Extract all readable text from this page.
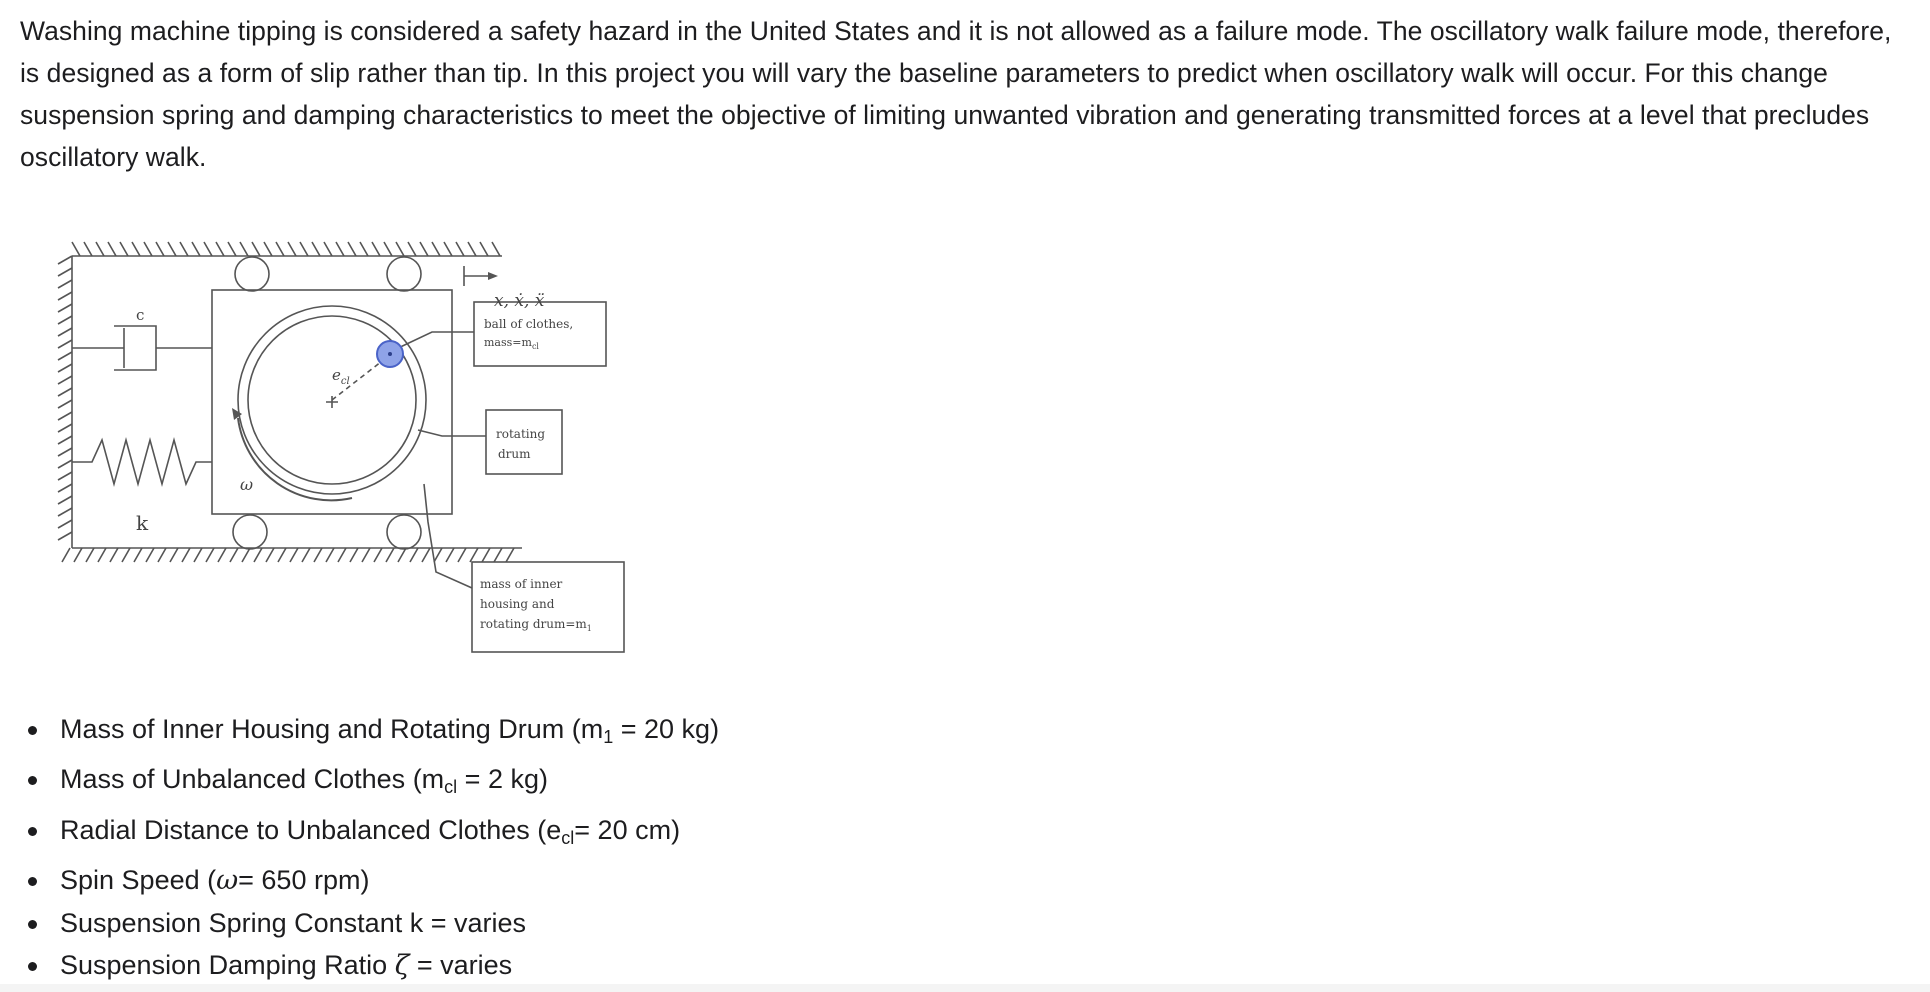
Washing machine tipping is considered a safety hazard in the United States and it is not allowed as a failure mode. The oscillatory walk failure mode, therefore, is designed as a form of slip rather than tip. In this project you will vary the baseline parameters to predict when oscillatory walk will occur. For this change suspension spring and damping characteristics to meet the objective of limiting unwanted vibration and generating transmitted forces at a level that precludes oscillatory walk.

c
k
ω
$e_{cl}$
x, ẋ, ẍ
ball of clothes,
$mass=m_{cl}$
rotating
drum
mass of inner
housing and
rotating $drum=m_1$
Mass of Inner Housing and Rotating Drum ($m_1 = 20$ kg)
Mass of Unbalanced Clothes ($m_{cl} = 2$ kg)
Radial Distance to Unbalanced Clothes ($e_{cl}= 20$ cm)
Spin Speed (ω= 650 rpm)
Suspension Spring Constant k = varies
Suspension Damping Ratio ζ = varies
